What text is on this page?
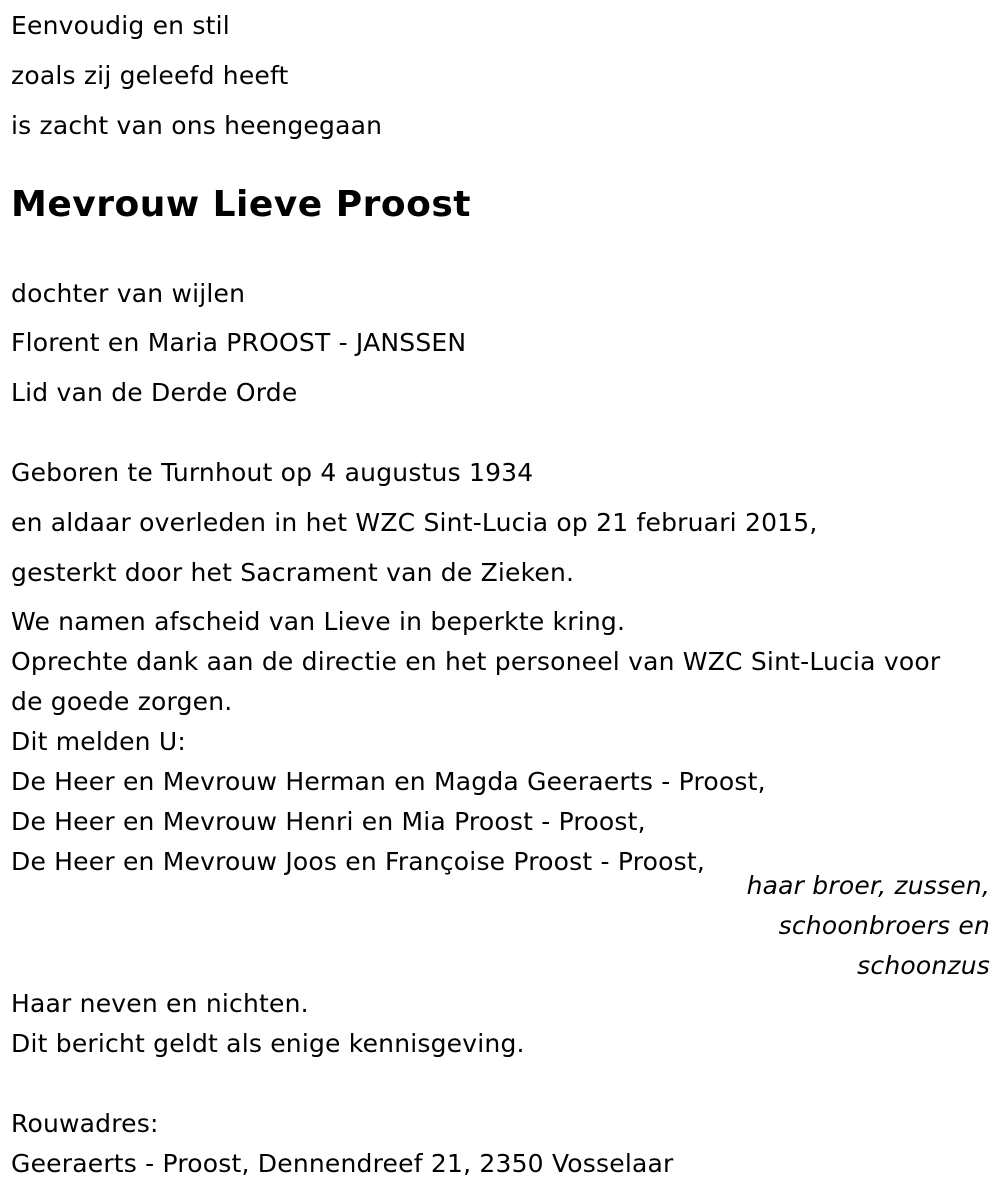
Eenvoudig en stil
zoals zij geleefd heeft
is zacht van ons heengegaan
Mevrouw Lieve Proost
dochter van wijlen
Florent en Maria PROOST - JANSSEN
Lid van de Derde Orde
Geboren te Turnhout op 4 augustus 1934
en aldaar overleden in het WZC Sint-Lucia op 21 februari 2015,
gesterkt door het Sacrament van de Zieken.
We namen afscheid van Lieve in beperkte kring.
Oprechte dank aan de directie en het personeel van WZC Sint-Lucia voor
de goede zorgen.
Dit melden U:
De Heer en Mevrouw Herman en Magda Geeraerts - Proost,
De Heer en Mevrouw Henri en Mia Proost - Proost,
De Heer en Mevrouw Joos en Françoise Proost - Proost,
haar broer, zussen,
schoonbroers en
schoonzus
Haar neven en nichten.
Dit bericht geldt als enige kennisgeving.
Rouwadres:
Geeraerts - Proost, Dennendreef 21, 2350 Vosselaar
